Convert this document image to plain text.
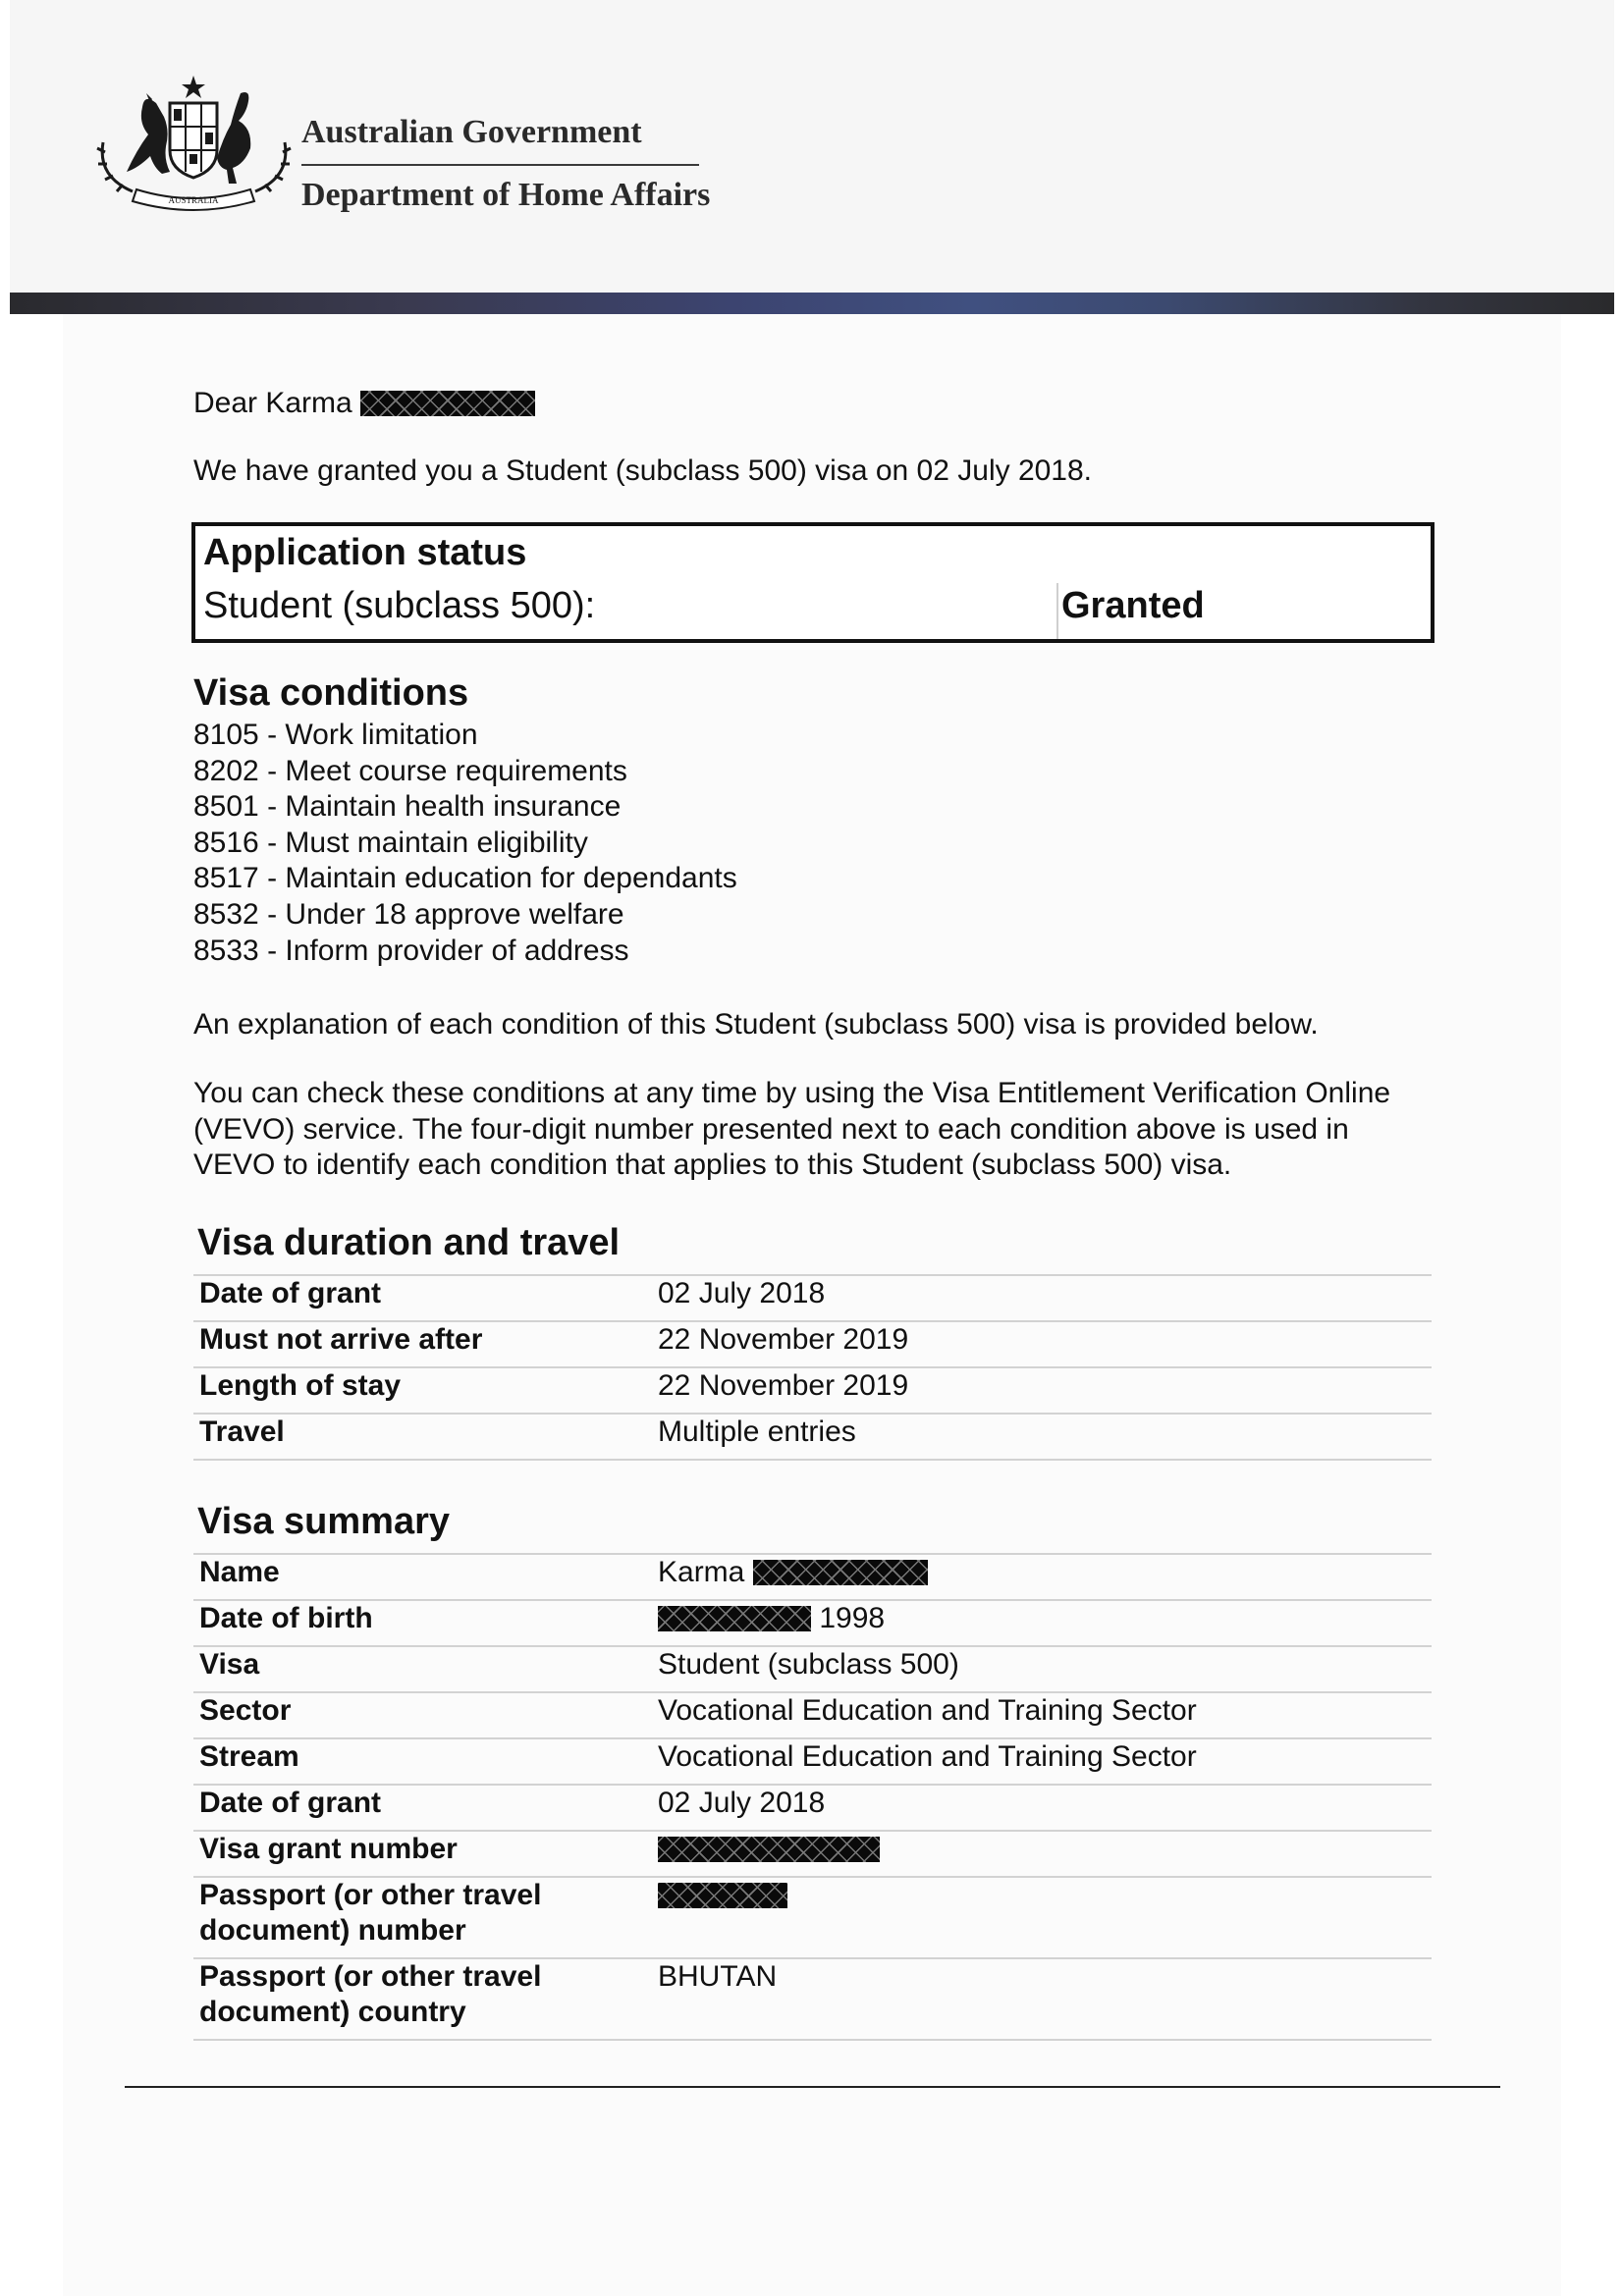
AUSTRALIA
Australian Government
Department of Home Affairs
Dear Karma
We have granted you a Student (subclass 500) visa on 02 July 2018.
Application status
Student (subclass 500):	Granted
Visa conditions
8105 - Work limitation
8202 - Meet course requirements
8501 - Maintain health insurance
8516 - Must maintain eligibility
8517 - Maintain education for dependants
8532 - Under 18 approve welfare
8533 - Inform provider of address
An explanation of each condition of this Student (subclass 500) visa is provided below.
You can check these conditions at any time by using the Visa Entitlement Verification Online
(VEVO) service. The four-digit number presented next to each condition above is used in
VEVO to identify each condition that applies to this Student (subclass 500) visa.
Visa duration and travel
Date of grant	02 July 2018
Must not arrive after	22 November 2019
Length of stay	22 November 2019
Travel	Multiple entries
Visa summary
Name	Karma
Date of birth	1998
Visa	Student (subclass 500)
Sector	Vocational Education and Training Sector
Stream	Vocational Education and Training Sector
Date of grant	02 July 2018
Visa grant number	

Passport (or other travel
document) number	

Passport (or other travel
document) country	BHUTAN
